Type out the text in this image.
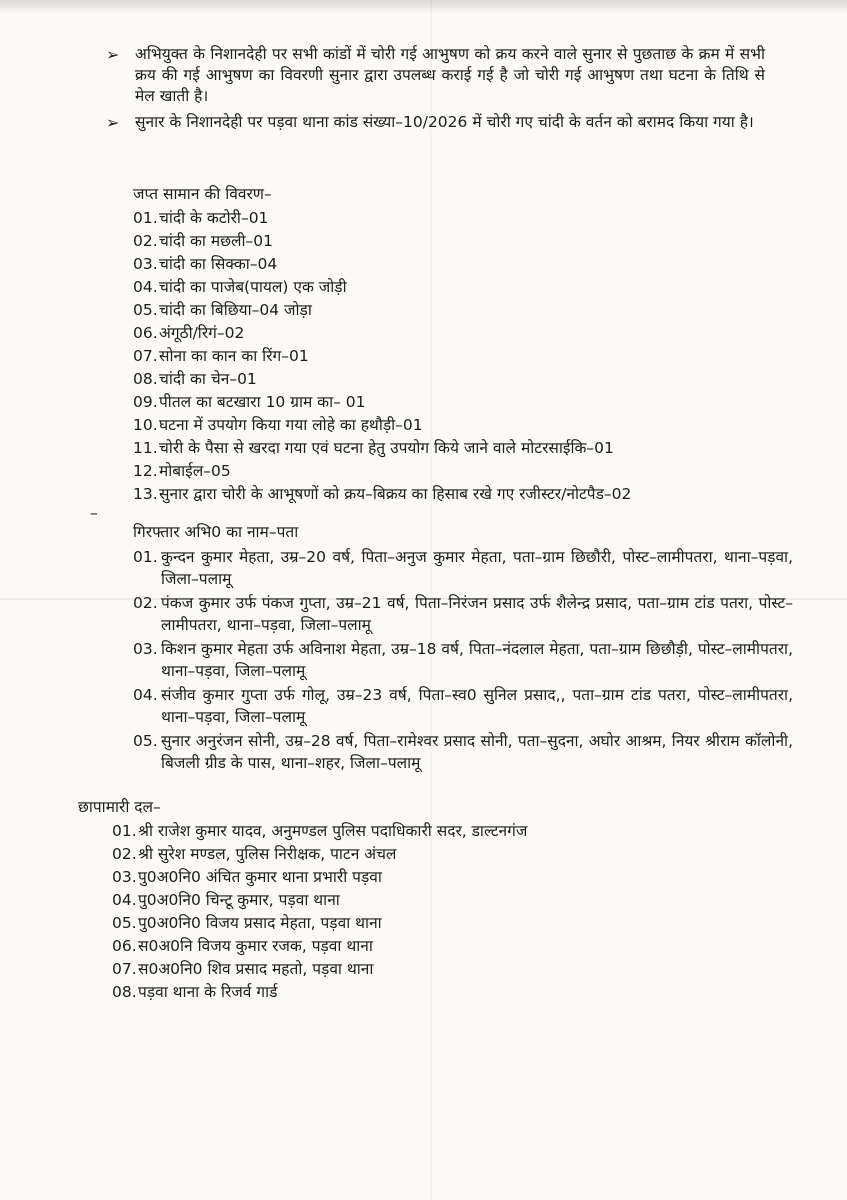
➢ अभियुक्त के निशानदेही पर सभी कांडों में चोरी गई आभुषण को क्रय करने वाले सुनार से पुछताछ के क्रम में सभी क्रय की गई आभुषण का विवरणी सुनार द्वारा उपलब्ध कराई गई है जो चोरी गई आभुषण तथा घटना के तिथि से मेल खाती है।
➢ सुनार के निशानदेही पर पड़वा थाना कांड संख्या–10/2026 में चोरी गए चांदी के वर्तन को बरामद किया गया है।
जप्त सामान की विवरण–
01. चांदी के कटोरी–01
02. चांदी का मछली–01
03. चांदी का सिक्का–04
04. चांदी का पाजेब(पायल) एक जोड़ी
05. चांदी का बिछिया–04 जोड़ा
06. अंगूठी/रिगं–02
07. सोना का कान का रिंग–01
08. चांदी का चेन–01
09. पीतल का बटखारा 10 ग्राम का– 01
10. घटना में उपयोग किया गया लोहे का हथौड़ी–01
11. चोरी के पैसा से खरदा गया एवं घटना हेतु उपयोग किये जाने वाले मोटरसाईकि–01
12. मोबाईल–05
13. सुनार द्वारा चोरी के आभूषणों को क्रय–बिक्रय का हिसाब रखे गए रजीस्टर/नोटपैड–02
–
गिरफ्तार अभि0 का नाम–पता
01. कुन्दन कुमार मेहता, उम्र–20 वर्ष, पिता–अनुज कुमार मेहता, पता–ग्राम छिछौरी, पोस्ट–लामीपतरा, थाना–पड़वा, जिला–पलामू
02. पंकज कुमार उर्फ पंकज गुप्ता, उम्र–21 वर्ष, पिता–निरंजन प्रसाद उर्फ शैलेन्द्र प्रसाद, पता–ग्राम टांड पतरा, पोस्ट–लामीपतरा, थाना–पड़वा, जिला–पलामू
03. किशन कुमार मेहता उर्फ अविनाश मेहता, उम्र–18 वर्ष, पिता–नंदलाल मेहता, पता–ग्राम छिछौड़ी, पोस्ट–लामीपतरा, थाना–पड़वा, जिला–पलामू
04. संजीव कुमार गुप्ता उर्फ गोलू, उम्र–23 वर्ष, पिता–स्व0 सुनिल प्रसाद,, पता–ग्राम टांड पतरा, पोस्ट–लामीपतरा, थाना–पड़वा, जिला–पलामू
05. सुनार अनुरंजन सोनी, उम्र–28 वर्ष, पिता–रामेश्वर प्रसाद सोनी, पता–सुदना, अघोर आश्रम, नियर श्रीराम कॉलोनी, बिजली ग्रीड के पास, थाना–शहर, जिला–पलामू
छापामारी दल–
01. श्री राजेश कुमार यादव, अनुमण्डल पुलिस पदाधिकारी सदर, डाल्टनगंज
02. श्री सुरेश मण्डल, पुलिस निरीक्षक, पाटन अंचल
03. पु0अ0नि0 अंचित कुमार थाना प्रभारी पड़वा
04. पु0अ0नि0 चिन्टू कुमार, पड़वा थाना
05. पु0अ0नि0 विजय प्रसाद मेहता, पड़वा थाना
06. स0अ0नि विजय कुमार रजक, पड़वा थाना
07. स0अ0नि0 शिव प्रसाद महतो, पड़वा थाना
08. पड़वा थाना के रिजर्व गार्ड
